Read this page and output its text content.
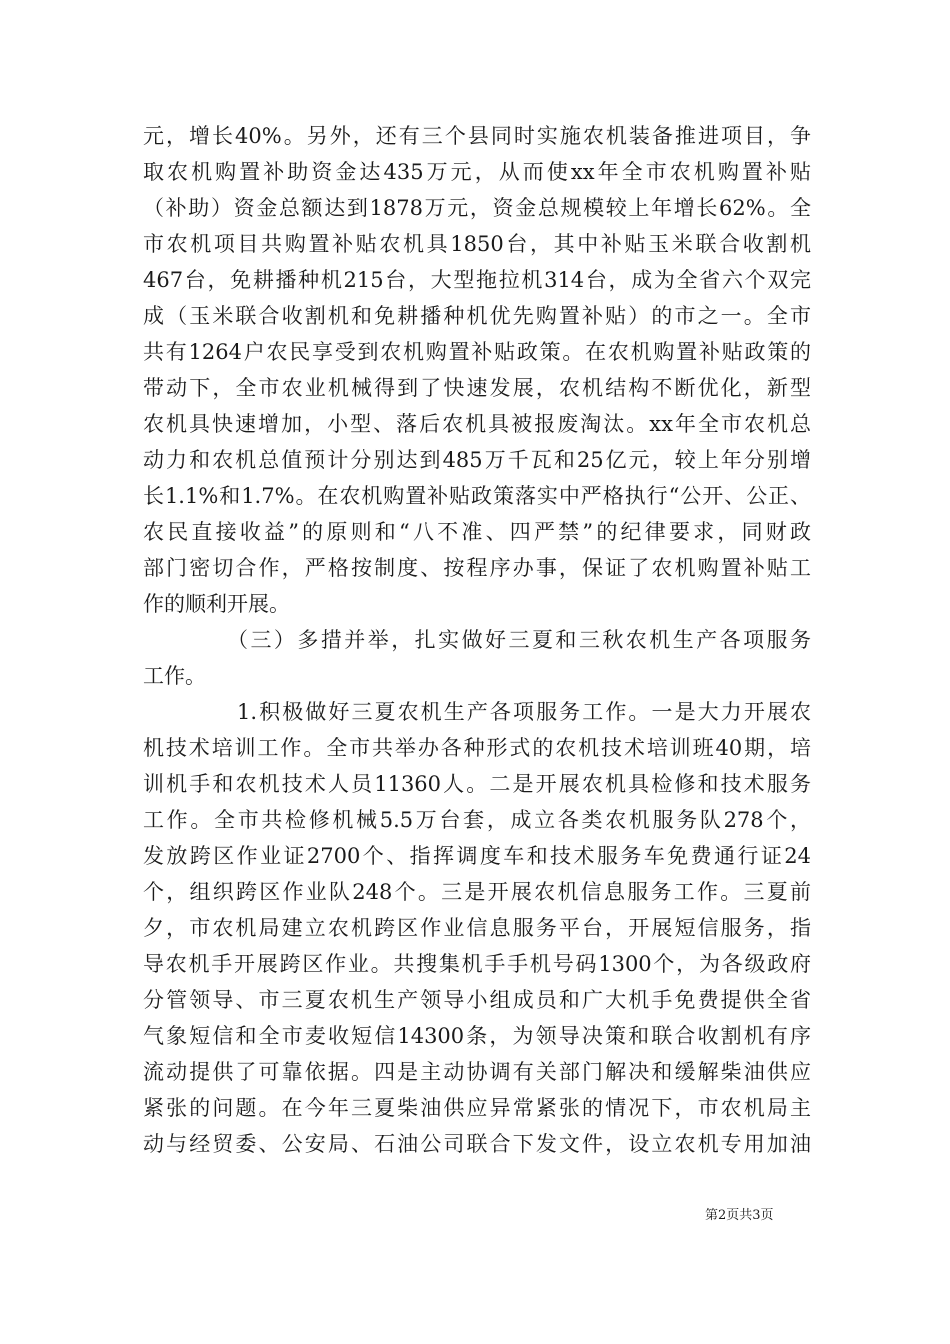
元，增长40%。另外，还有三个县同时实施农机装备推进项目，争
取农机购置补助资金达435万元，从而使xx年全市农机购置补贴
（补助）资金总额达到1878万元，资金总规模较上年增长62%。全
市农机项目共购置补贴农机具1850台，其中补贴玉米联合收割机
467台，免耕播种机215台，大型拖拉机314台，成为全省六个双完
成（玉米联合收割机和免耕播种机优先购置补贴）的市之一。全市
共有1264户农民享受到农机购置补贴政策。在农机购置补贴政策的
带动下，全市农业机械得到了快速发展，农机结构不断优化，新型
农机具快速增加，小型、落后农机具被报废淘汰。xx年全市农机总
动力和农机总值预计分别达到485万千瓦和25亿元，较上年分别增
长1.1%和1.7%。在农机购置补贴政策落实中严格执行“公开、公正、
农民直接收益”的原则和“八不准、四严禁”的纪律要求，同财政
部门密切合作，严格按制度、按程序办事，保证了农机购置补贴工
作的顺利开展。
（三）多措并举，扎实做好三夏和三秋农机生产各项服务
工作。
1.积极做好三夏农机生产各项服务工作。一是大力开展农
机技术培训工作。全市共举办各种形式的农机技术培训班40期，培
训机手和农机技术人员11360人。二是开展农机具检修和技术服务
工作。全市共检修机械5.5万台套，成立各类农机服务队278个，
发放跨区作业证2700个、指挥调度车和技术服务车免费通行证24
个，组织跨区作业队248个。三是开展农机信息服务工作。三夏前
夕，市农机局建立农机跨区作业信息服务平台，开展短信服务，指
导农机手开展跨区作业。共搜集机手手机号码1300个，为各级政府
分管领导、市三夏农机生产领导小组成员和广大机手免费提供全省
气象短信和全市麦收短信14300条，为领导决策和联合收割机有序
流动提供了可靠依据。四是主动协调有关部门解决和缓解柴油供应
紧张的问题。在今年三夏柴油供应异常紧张的情况下，市农机局主
动与经贸委、公安局、石油公司联合下发文件，设立农机专用加油
第2页共3页
